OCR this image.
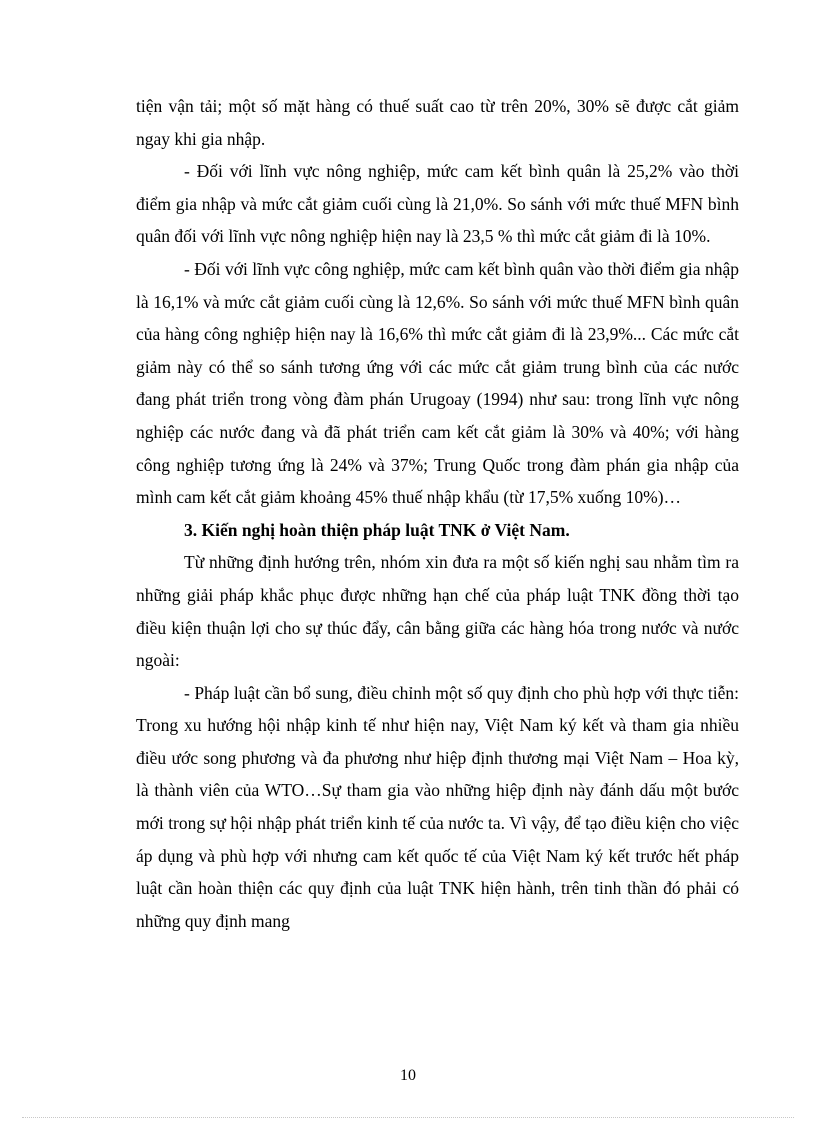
tiện vận tải; một số mặt hàng có thuế suất cao từ trên 20%, 30% sẽ được cắt giảm ngay khi gia nhập.

- Đối với lĩnh vực nông nghiệp, mức cam kết bình quân là 25,2% vào thời điểm gia nhập và mức cắt giảm cuối cùng là 21,0%. So sánh với mức thuế MFN bình quân đối với lĩnh vực nông nghiệp hiện nay là 23,5 % thì mức cắt giảm đi là 10%.

- Đối với lĩnh vực công nghiệp, mức cam kết bình quân vào thời điểm gia nhập là 16,1% và mức cắt giảm cuối cùng là 12,6%. So sánh với mức thuế MFN bình quân của hàng công nghiệp hiện nay là 16,6% thì mức cắt giảm đi là 23,9%... Các mức cắt giảm này có thể so sánh tương ứng với các mức cắt giảm trung bình của các nước đang phát triển trong vòng đàm phán Urugoay (1994) như sau: trong lĩnh vực nông nghiệp các nước đang và đã phát triển cam kết cắt giảm là 30% và 40%; với hàng công nghiệp tương ứng là 24% và 37%; Trung Quốc trong đàm phán gia nhập của mình cam kết cắt giảm khoảng 45% thuế nhập khẩu (từ 17,5% xuống 10%)…

3. Kiến nghị hoàn thiện pháp luật TNK ở Việt Nam.

Từ những định hướng trên, nhóm xin đưa ra một số kiến nghị sau nhằm tìm ra những giải pháp khắc phục được những hạn chế của pháp luật TNK đồng thời tạo điều kiện thuận lợi cho sự thúc đẩy, cân bằng giữa các hàng hóa trong nước và nước ngoài:

- Pháp luật cần bổ sung, điều chỉnh một số quy định cho phù hợp với thực tiễn: Trong xu hướng hội nhập kinh tế như hiện nay, Việt Nam ký kết và tham gia nhiều điều ước song phương và đa phương như hiệp định thương mại Việt Nam – Hoa kỳ, là thành viên của WTO…Sự tham gia vào những hiệp định này đánh dấu một bước mới trong sự hội nhập phát triển kinh tế của nước ta. Vì vậy, để tạo điều kiện cho việc áp dụng và phù hợp với nhưng cam kết quốc tế của Việt Nam ký kết trước hết pháp luật cần hoàn thiện các quy định của luật TNK hiện hành, trên tinh thần đó phải có những quy định mang

10
